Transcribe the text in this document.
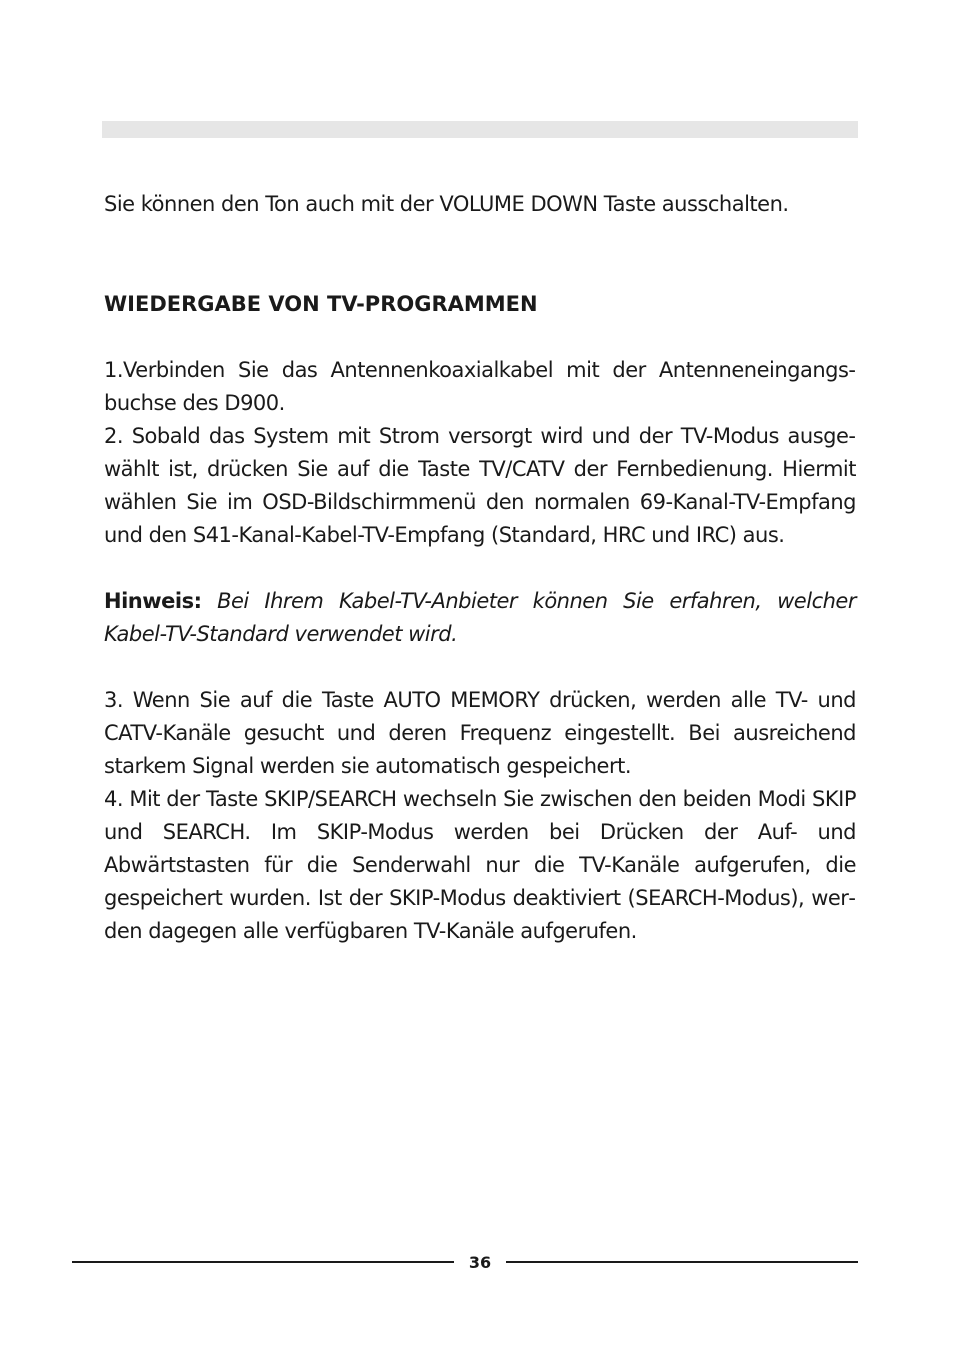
Sie können den Ton auch mit der VOLUME DOWN Taste ausschalten.

WIEDERGABE VON TV-PROGRAMMEN

1.Verbinden Sie das Antennenkoaxialkabel mit der Antenneneingangsbuchse des D900.

2. Sobald das System mit Strom versorgt wird und der TV-Modus ausgewählt ist, drücken Sie auf die Taste TV/CATV der Fernbedienung. Hiermit wählen Sie im OSD-Bildschirmmenü den normalen 69-Kanal-TV-Empfang und den S41-Kanal-Kabel-TV-Empfang (Standard, HRC und IRC) aus.

Hinweis: Bei Ihrem Kabel-TV-Anbieter können Sie erfahren, welcher Kabel-TV-Standard verwendet wird.

3. Wenn Sie auf die Taste AUTO MEMORY drücken, werden alle TV- und CATV-Kanäle gesucht und deren Frequenz eingestellt. Bei ausreichend starkem Signal werden sie automatisch gespeichert.

4. Mit der Taste SKIP/SEARCH wechseln Sie zwischen den beiden Modi SKIP und SEARCH. Im SKIP-Modus werden bei Drücken der Auf- und Abwärtstasten für die Senderwahl nur die TV-Kanäle aufgerufen, die gespeichert wurden. Ist der SKIP-Modus deaktiviert (SEARCH-Modus), werden dagegen alle verfügbaren TV-Kanäle aufgerufen.

36
